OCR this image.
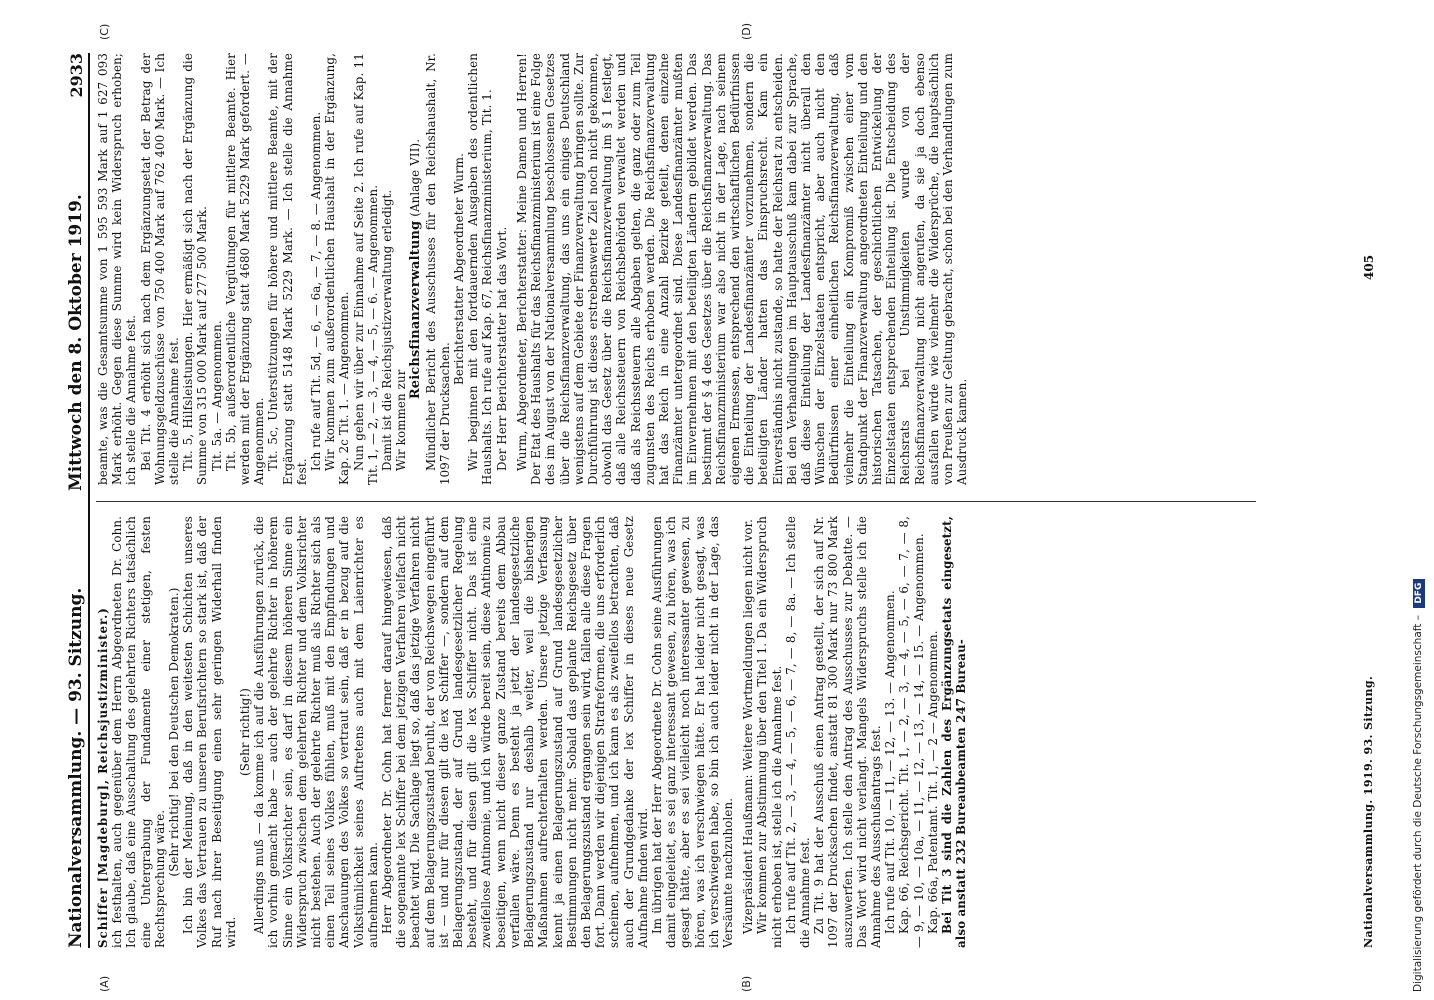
Nationalversammlung. — 93. Sitzung.
Mittwoch den 8. Oktober 1919.
2933
(A)	(B)
(C)	(D)

Schiffer [Magdeburg], Reichsjustizminister.) ich festhalten, auch gegenüber dem Herrn Abgeordneten Dr. Cohn. Ich glaube, daß eine Ausschaltung des gelehrten Richters tatsächlich eine Untergrabung der Fundamente einer stetigen, festen Rechtsprechung wäre.

(Sehr richtig! bei den Deutschen Demokraten.) Ich bin der Meinung, daß in den weitesten Schichten unseres Volkes das Vertrauen zu unseren Berufsrichtern so stark ist, daß der Ruf nach ihrer Beseitigung einen sehr geringen Widerhall finden wird.

(Sehr richtig!) Allerdings muß — da komme ich auf die Ausführungen zurück, die ich vorhin gemacht habe — auch der gelehrte Richter in höherem Sinne ein Volksrichter sein, es darf in diesem höheren Sinne ein Widerspruch zwischen dem gelehrten Richter und dem Volksrichter nicht bestehen. Auch der gelehrte Richter muß als Richter sich als einen Teil seines Volkes fühlen, muß mit den Empfindungen und Anschauungen des Volkes so vertraut sein, daß er in bezug auf die Volkstümlichkeit seines Auftretens auch mit dem Laienrichter es aufnehmen kann. Herr Abgeordneter Dr. Cohn hat ferner darauf hingewiesen, daß die sogenannte lex Schiffer bei dem jetzigen Verfahren vielfach nicht beachtet wird. Die Sachlage liegt so, daß das jetzige Verfahren nicht auf dem Belagerungszustand beruht, der von Reichswegen eingeführt ist — und nur für diesen gilt die lex Schiffer —, sondern auf dem Belagerungszustand, der auf Grund landesgesetzlicher Regelung besteht, und für diesen gilt die lex Schiffer nicht. Das ist eine zweifellose Antinomie, und ich würde bereit sein, diese Antinomie zu beseitigen, wenn nicht dieser ganze Zustand bereits dem Abbau verfallen wäre. Denn es besteht ja jetzt der landesgesetzliche Belagerungszustand nur deshalb weiter, weil die bisherigen Maßnahmen aufrechterhalten werden. Unsere jetzige Verfassung kennt ja einen Belagerungszustand auf Grund landesgesetzlicher Bestimmungen nicht mehr. Sobald das geplante Reichsgesetz über den Belagerungszustand ergangen sein wird, fallen alle diese Fragen fort. Dann werden wir diejenigen Strafreformen, die uns erforderlich scheinen, aufnehmen, und ich kann es als zweifellos betrachten, daß auch der Grundgedanke der lex Schiffer in dieses neue Gesetz Aufnahme finden wird. Im übrigen hat der Herr Abgeordnete Dr. Cohn seine Ausführungen damit eingeleitet, es sei ganz interessant gewesen, zu hören, was ich gesagt hätte, aber es sei vielleicht noch interessanter gewesen, zu hören, was ich verschwiegen hätte. Er hat leider nicht gesagt, was ich verschwiegen habe, so bin ich auch leider nicht in der Lage, das Versäumte nachzuholen. Vizepräsident Haußmann: Weitere Wortmeldungen liegen nicht vor. Wir kommen zur Abstimmung über den Titel 1. Da ein Widerspruch nicht erhoben ist, stelle ich die Annahme fest. Ich rufe auf Tit. 2, — 3, — 4, — 5, — 6, — 7, — 8, — 8a. — Ich stelle die Annahme fest. Zu Tit. 9 hat der Ausschuß einen Antrag gestellt, der sich auf Nr. 1097 der Drucksachen findet, anstatt 81 300 Mark nur 73 800 Mark auszuwerfen. Ich stelle den Antrag des Ausschusses zur Debatte. — Das Wort wird nicht verlangt. Mangels Widerspruchs stelle ich die Annahme des Ausschußantrags fest. Ich rufe auf Tit. 10, — 11, — 12, — 13. — Angenommen. Kap. 66, Reichsgericht. Tit. 1, — 2, — 3, — 4, — 5, — 6, — 7, — 8, — 9, — 10, — 10a, — 11, — 12, — 13, — 14, — 15. — Angenommen. Kap. 66a, Patentamt. Tit. 1, — 2 — Angenommen. Bei Tit 3 sind die Zahlen des Ergänzungsetats eingesetzt, also anstatt 232 Bureaubeamten 247 Bureau-

beamte, was die Gesamtsumme von 1 595 593 Mark auf 1 627 093 Mark erhöht. Gegen diese Summe wird kein Widerspruch erhoben; ich stelle die Annahme fest. Bei Tit. 4 erhöht sich nach dem Ergänzungsetat der Betrag der Wohnungsgeldzuschüsse von 750 400 Mark auf 762 400 Mark. — Ich stelle die Annahme fest. Tit. 5, Hilfsleistungen. Hier ermäßigt sich nach der Ergänzung die Summe von 315 000 Mark auf 277 500 Mark. Tit. 5a. — Angenommen. Tit. 5b, außerordentliche Vergütungen für mittlere Beamte. Hier werden mit der Ergänzung statt 4680 Mark 5229 Mark gefordert. — Angenommen. Tit. 5c, Unterstützungen für höhere und mittlere Beamte, mit der Ergänzung statt 5148 Mark 5229 Mark. — Ich stelle die Annahme fest.

Ich rufe auf Tit. 5d, — 6, — 6a, — 7, — 8. — Angenommen. Wir kommen zum außerordentlichen Haushalt in der Ergänzung, Kap. 2c Tit. 1. — Angenommen. Nun gehen wir über zur Einnahme auf Seite 2. Ich rufe auf Kap. 11 Tit. 1, — 2, — 3, — 4, — 5, — 6. — Angenommen. Damit ist die Reichsjustizverwaltung erledigt. Wir kommen zur

Reichsfinanzverwaltung (Anlage VII). Mündlicher Bericht des Ausschusses für den Reichshaushalt, Nr. 1097 der Drucksachen.

Berichterstatter Abgeordneter Wurm. Wir beginnen mit den fortdauernden Ausgaben des ordentlichen Haushalts. Ich rufe auf Kap. 67, Reichsfinanzministerium, Tit. 1. Der Herr Berichterstatter hat das Wort. Wurm, Abgeordneter, Berichterstatter: Meine Damen und Herren! Der Etat des Haushalts für das Reichsfinanzministerium ist eine Folge des im August von der Nationalversammlung beschlossenen Gesetzes über die Reichsfinanzverwaltung, das uns ein einiges Deutschland wenigstens auf dem Gebiete der Finanzverwaltung bringen sollte. Zur Durchführung ist dieses erstrebenswerte Ziel noch nicht gekommen, obwohl das Gesetz über die Reichsfinanzverwaltung im § 1 festlegt, daß alle Reichssteuern von Reichsbehörden verwaltet werden und daß als Reichssteuern alle Abgaben gelten, die ganz oder zum Teil zugunsten des Reichs erhoben werden. Die Reichsfinanzverwaltung hat das Reich in eine Anzahl Bezirke geteilt, denen einzelne Finanzämter untergeordnet sind. Diese Landesfinanzämter mußten im Einvernehmen mit den beteiligten Ländern gebildet werden. Das bestimmt der § 4 des Gesetzes über die Reichsfinanzverwaltung. Das Reichsfinanzministerium war also nicht in der Lage, nach seinem eigenen Ermessen, entsprechend den wirtschaftlichen Bedürfnissen die Einteilung der Landesfinanzämter vorzunehmen, sondern die beteiligten Länder hatten das Einspruchsrecht. Kam ein Einverständnis nicht zustande, so hatte der Reichsrat zu entscheiden. Bei den Verhandlungen im Hauptausschuß kam dabei zur Sprache, daß diese Einteilung der Landesfinanzämter nicht überall den Wünschen der Einzelstaaten entspricht, aber auch nicht den Bedürfnissen einer einheitlichen Reichsfinanzverwaltung, daß vielmehr die Einteilung ein Kompromiß zwischen einer vom Standpunkt der Finanzverwaltung angeordneten Einteilung und den historischen Tatsachen, der geschichtlichen Entwickelung der Einzelstaaten entsprechenden Einteilung ist. Die Entscheidung des Reichsrats bei Unstimmigkeiten wurde von der Reichsfinanzverwaltung nicht angerufen, da sie ja doch ebenso ausfallen würde wie vielmehr die Widersprüche, die hauptsächlich von Preußen zur Geltung gebracht, schon bei den Verhandlungen zum Ausdruck kamen.

Nationalversammlung. 1919. 93. Sitzung.
405
Digitalisierung gefördert durch die Deutsche Forschungsgemeinschaft – DFG
